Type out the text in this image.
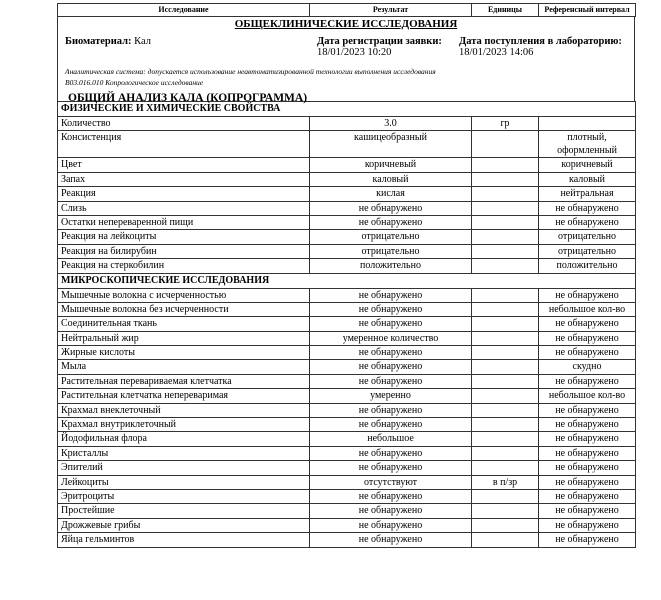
Исследование	Результат	Единицы	Референсный интервал
ОБЩЕКЛИНИЧЕСКИЕ ИССЛЕДОВАНИЯ
Биоматериал: Кал	Дата регистрации заявки:
18/01/2023 10:20
Дата поступления в лабораторию:
18/01/2023 14:06
Аналитическая система: допускается использование неавтоматизированной технологии выполнения исследования
B03.016.010 Копрологическое исследование
ОБЩИЙ АНАЛИЗ КАЛА (КОПРОГРАММА)
ФИЗИЧЕСКИЕ И ХИМИЧЕСКИЕ СВОЙСТВА			
Количество	3.0	гр	
Консистенция	кашицеобразный		плотный,
оформленный

Цвет	коричневый		коричневый
Запах	каловый		каловый
Реакция	кислая		нейтральная
Слизь	не обнаружено		не обнаружено
Остатки непереваренной пищи	не обнаружено		не обнаружено
Реакция на лейкоциты	отрицательно		отрицательно
Реакция на билирубин	отрицательно		отрицательно
Реакция на стеркобилин	положительно		положительно
МИКРОСКОПИЧЕСКИЕ ИССЛЕДОВАНИЯ			
Мышечные волокна с исчерченностью	не обнаружено		не обнаружено
Мышечные волокна без исчерченности	не обнаружено		небольшое кол-во
Соединительная ткань	не обнаружено		не обнаружено
Нейтральный жир	умеренное количество		не обнаружено
Жирные кислоты	не обнаружено		не обнаружено
Мыла	не обнаружено		скудно
Растительная перевариваемая клетчатка	не обнаружено		не обнаружено
Растительная клетчатка непереваримая	умеренно		небольшое кол-во
Крахмал внеклеточный	не обнаружено		не обнаружено
Крахмал внутриклеточный	не обнаружено		не обнаружено
Йодофильная флора	небольшое		не обнаружено
Кристаллы	не обнаружено		не обнаружено
Эпителий	не обнаружено		не обнаружено
Лейкоциты	отсутствуют	в п/зр	не обнаружено
Эритроциты	не обнаружено		не обнаружено
Простейшие	не обнаружено		не обнаружено
Дрожжевые грибы	не обнаружено		не обнаружено
Яйца гельминтов	не обнаружено		не обнаружено
